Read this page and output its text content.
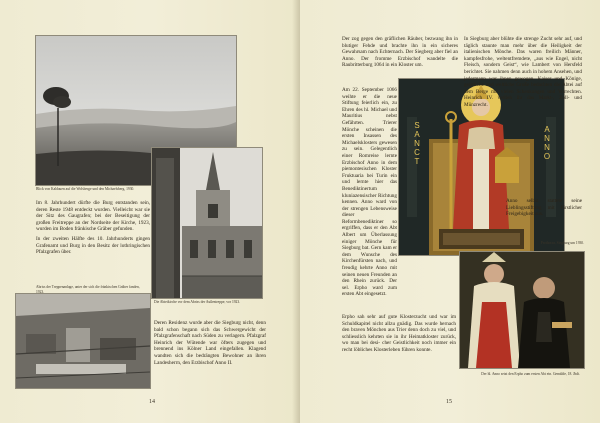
Blick von Kaldauen auf die Wolsberge und den Michaelsberg, 1930.
Die Abteikirche vor dem Abriss der Außentreppe, vor 1923.

Im 8. Jahrhundert dürfte die Burg entstanden sein, deren Reste 1948 entdeckt wurden. Vielleicht war sie der Sitz des Gaugrafen; bei der Beseitigung der großen Freitreppe an der Nordseite der Kirche, 1923, wurden im Boden fränkische Gräber gefunden.

In der zweiten Hälfte des 10. Jahrhunderts gingen Grafenamt und Burg in den Besitz der lothringischen Pfalzgrafen über.

Abriss der Treppenanlage, unter der sich die fränkischen Gräber fanden, 1923.

Deren Residenz wurde aber die Siegburg nicht, denn bald schon begann sich das Schwergewicht der Pfalzgrafenschaft nach Süden zu verlagern. Pfalzgraf Heinrich der Wütende war öfters zugegen und brennend ins Kölner Land eingefallen. Klagend wandten sich die bedrängten Bewohner an ihren Landesherrn, den Erzbischof Anno II.

14

Der zog gegen den gräflichen Räuber, bezwang ihn in blutiger Fehde und brachte ihn in ein sicheres Gewahrsam nach Echternach. Der Siegberg aber fiel an Anno. Der fromme Erzbischof wandelte die Raubritterburg 1064 in ein Kloster um.

Am 22. September 1066 weihte er die neue Stiftung feierlich ein, zu Ehren des hl. Michael und Mauritius nebst Gefährten. Trierer Mönche scheinen die ersten Insassen des Michaelsklosters gewesen zu sein. Gelegentlich einer Romreise lernte Erzbischof Anno in dem piemontesischen Kloster Fruktuaria bei Turin ein und lernte hier das Benediktinertum kluniazensischer Richtung kennen. Anno ward von der strengen Lebensweise dieser Reformbenediktiner so ergriffen, dass er den Abt Albert um Überlassung einiger Mönche für Siegburg bat. Gern kam er dem Wunsche des Kirchenfürsten nach, und freudig kehrte Anno mit seinen neuen Freunden an den Rhein zurück. Der sel. Erpho ward zum ersten Abt eingesetzt.

SANCT
ANNO

In Siegburg aber blühte die strenge Zucht sehr auf, und täglich staunte man mehr über die Heiligkeit der italienischen Mönche. Das waren freilich Männer, kampfesfrohe, weltentfremdete, „aus wie Engel, nicht Fleisch, sondern Geist“, wie Lambert von Hersfeld berichtet. Sie nahmen denn auch in hohem Ansehen, und jedermann war ihnen gewogen. Kaiser und Könige, geistliche und weltliche Große bedachten die Abtei auf dem Berge mit vielen Schenkungen und Vorrechten. Heinrich IV. verlieh ihr das Markt-, Zoll- und Münzrecht.

Anno selbst stattete seine Lieblingsstiftung mit fürstlicher Freigebigkeit aus.

Prothocra, Siegburg um 1930.

Erpho sah sehr auf gute Klosterzucht und war im Schuldkapitel nicht allzu gnädig. Das wurde hernach den braven Mönchen aus Trier denn doch zu viel, und schliesslich kehrten sie in ihr Heimatkloster zurück, wo man bei desi- cher Geistlichkeit noch immer ein recht löbliches Klosterleben führen konnte.

Der hl. Anno setzt den Erpho zum ersten Abt ein. Gemälde, 18. Jhdt.
15
